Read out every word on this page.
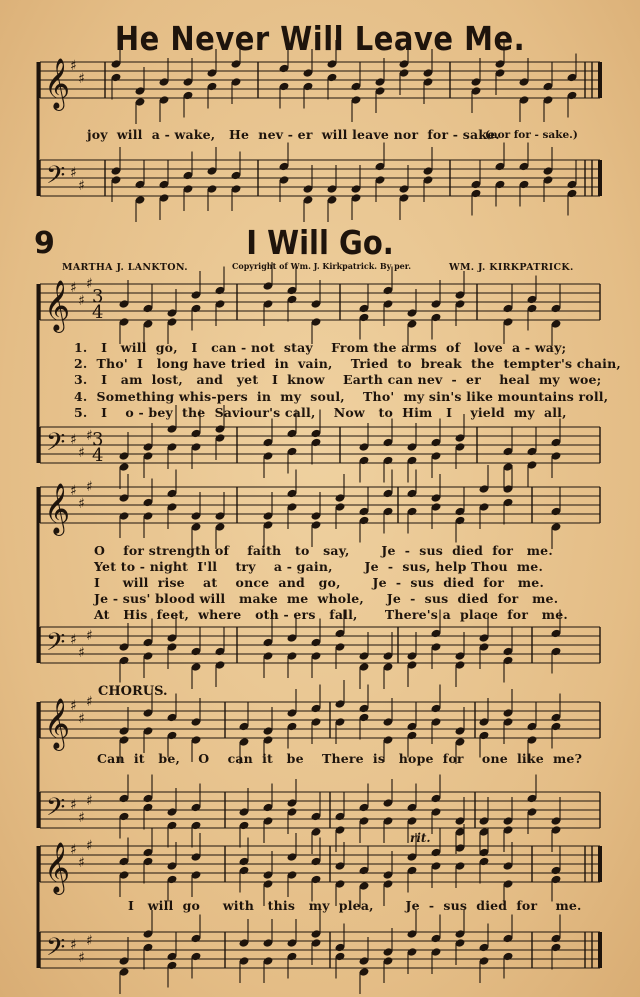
𝄞 ♯
♯
𝄢 ♯
♯
𝄞 ♯
♯
♯
𝄢 ♯
♯
♯
𝄞 ♯
♯
♯
𝄢 ♯
♯
♯
𝄞 ♯
♯
♯
𝄢 ♯
♯
♯
𝄞 ♯
♯
♯
𝄢 ♯
♯
♯
3
4
3
4
He Never Will Leave Me.
joy  will  a - wake,   He  nev - er  will leave nor  for - sake.
(nor for - sake.)
9	I Will Go.
MARTHA J. LANKTON.	Copyright of Wm. J. Kirkpatrick. By per.	WM. J. KIRKPATRICK.
1.   I   will  go,   I   can - not  stay    From the arms  of   love  a - way;
2.  Tho'  I   long have tried  in  vain,    Tried  to  break  the  tempter's chain,
3.   I   am  lost,   and   yet   I  know    Earth can nev  -  er    heal  my  woe;
4.  Something whis-pers  in  my  soul,    Tho'  my sin's like mountains roll,
5.   I    o - bey  the  Saviour's call,    Now   to  Him   I    yield  my  all,
O    for strength of    faith   to   say,       Je  -  sus  died  for   me.
Yet to - night  I'll    try    a - gain,       Je  -  sus, help Thou  me.
I     will  rise    at    once  and   go,       Je  -  sus  died  for   me.
Je - sus' blood will   make  me  whole,     Je  -  sus  died  for   me.
At   His  feet,  where   oth - ers   fall,      There's a  place  for   me.
CHORUS.
Can  it   be,    O    can  it   be    There  is   hope  for    one  like  me?
rit.
I   will  go     with   this   my  plea,       Je  -  sus  died  for    me.
